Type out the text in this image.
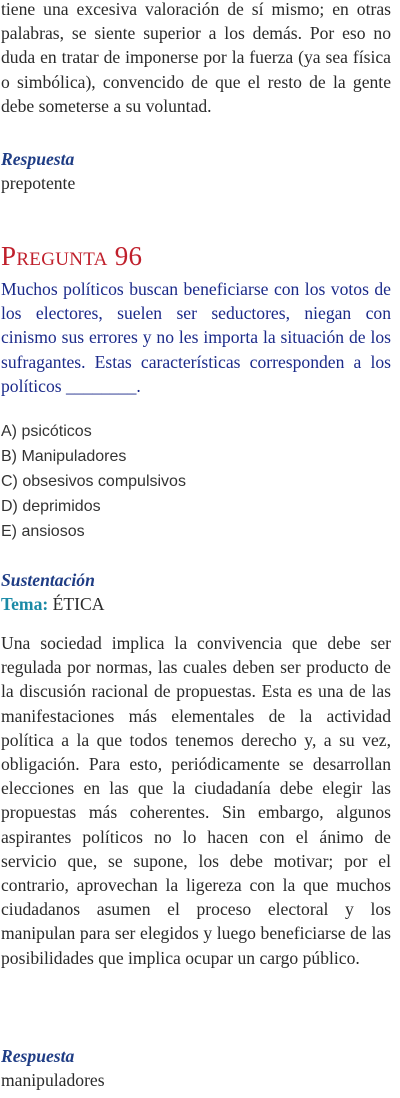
tiene una excesiva valoración de sí mismo; en otras palabras, se siente superior a los demás. Por eso no duda en tratar de imponerse por la fuerza (ya sea física o simbólica), convencido de que el resto de la gente debe someterse a su voluntad.

Respuesta
prepotente
Pregunta 96

Muchos políticos buscan beneficiarse con los votos de los electores, suelen ser seductores, niegan con cinismo sus errores y no les importa la situación de los sufragantes. Estas características corresponden a los políticos ________.

A) psicóticos
B) Manipuladores
C) obsesivos compulsivos
D) deprimidos
E) ansiosos
Sustentación
Tema: ÉTICA

Una sociedad implica la convivencia que debe ser regulada por normas, las cuales deben ser producto de la discusión racional de propuestas. Esta es una de las manifestaciones más elementales de la actividad política a la que todos tenemos derecho y, a su vez, obligación. Para esto, periódicamente se desarrollan elecciones en las que la ciudadanía debe elegir las propuestas más coherentes. Sin embargo, algunos aspirantes políticos no lo hacen con el ánimo de servicio que, se supone, los debe motivar; por el contrario, aprovechan la ligereza con la que muchos ciudadanos asumen el proceso electoral y los manipulan para ser elegidos y luego beneficiarse de las posibilidades que implica ocupar un cargo público.

Respuesta
manipuladores
